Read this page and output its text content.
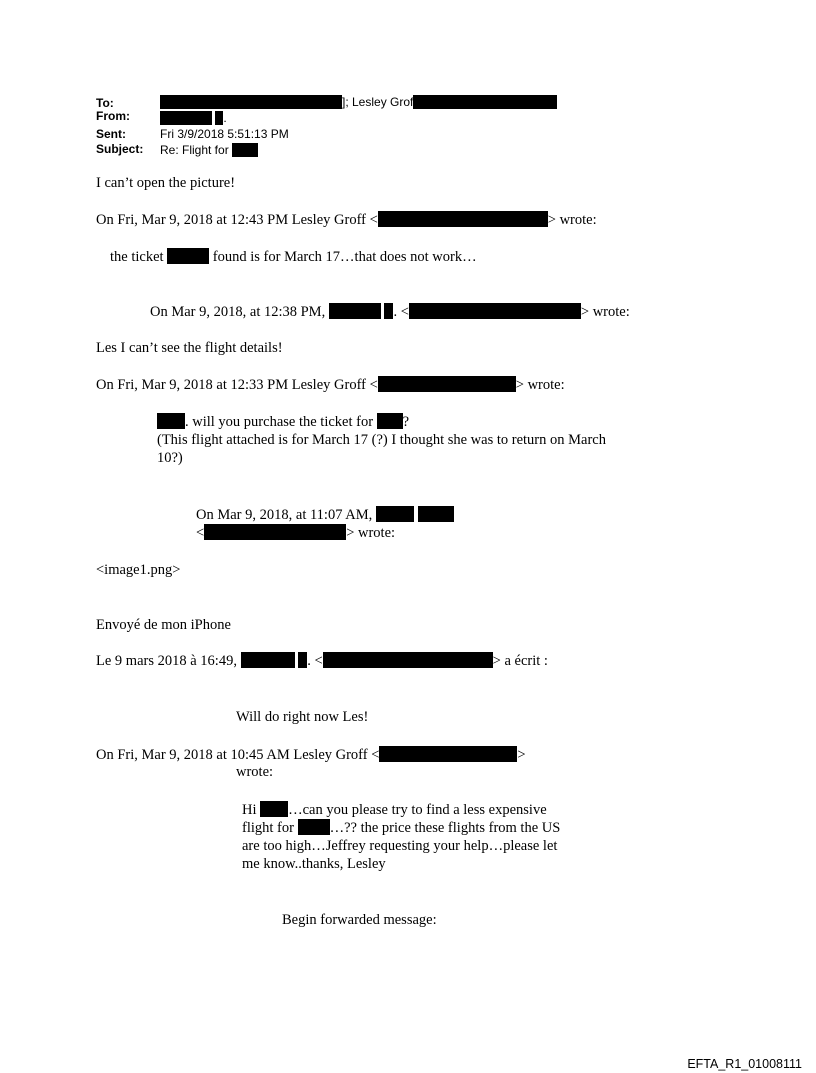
To:	]; Lesley Grof
From:	.
Sent:	Fri 3/9/2018 5:51:13 PM
Subject: Re: Flight for
I can’t open the picture!
On Fri, Mar 9, 2018 at 12:43 PM Lesley Groff <	> wrote:
the ticket	found is for March 17…that does not work…
On Mar 9, 2018, at 12:38 PM,	. <	> wrote:
Les I can’t see the flight details!
On Fri, Mar 9, 2018 at 12:33 PM Lesley Groff <	> wrote:
. will you purchase the ticket for ?
(This flight attached is for March 17 (?) I thought she was to return on March
10?)
On Mar 9, 2018, at 11:07 AM,
<	> wrote:
<image1.png>
Envoyé de mon iPhone
Le 9 mars 2018 à 16:49,	. <	> a écrit :
Will do right now Les!
On Fri, Mar 9, 2018 at 10:45 AM Lesley Groff <	>
wrote:
Hi …can you please try to find a less expensive
flight for …?? the price these flights from the US
are too high…Jeffrey requesting your help…please let
me know..thanks, Lesley
Begin forwarded message:
EFTA_R1_01008111
